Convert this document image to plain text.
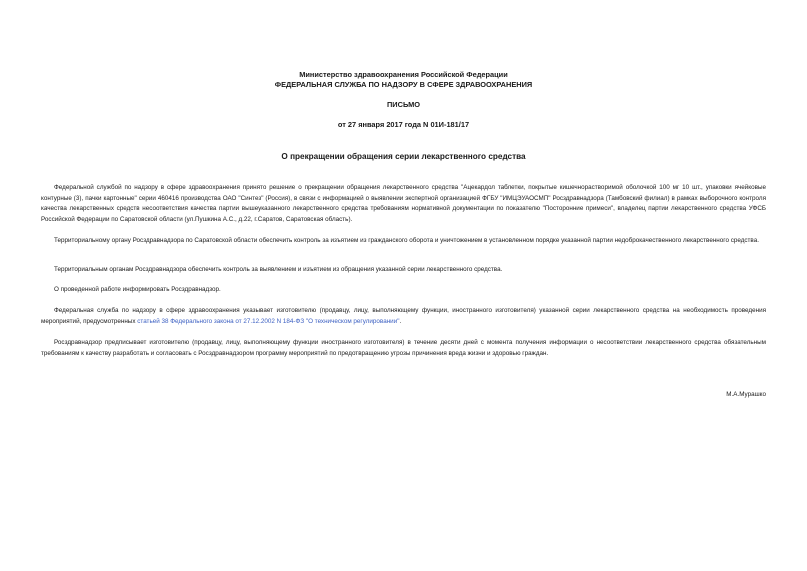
Министерство здравоохранения Российской Федерации
ФЕДЕРАЛЬНАЯ СЛУЖБА ПО НАДЗОРУ В СФЕРЕ ЗДРАВООХРАНЕНИЯ
ПИСЬМО
от 27 января 2017 года N 01И-181/17
О прекращении обращения серии лекарственного средства

Федеральной службой по надзору в сфере здравоохранения принято решение о прекращении обращения лекарственного средства "Ацекардол таблетки, покрытые кишечнорастворимой оболочкой 100 мг 10 шт., упаковки ячейковые контурные (3), пачки картонные" серии 460416 производства ОАО "Синтез" (Россия), в связи с информацией о выявлении экспертной организацией ФГБУ "ИМЦЭУАОСМП" Росздравнадзора (Тамбовский филиал) в рамках выборочного контроля качества лекарственных средств несоответствия качества партии вышеуказанного лекарственного средства требованиям нормативной документации по показателю "Посторонние примеси", владелец партии лекарственного средства УФСБ Российской Федерации по Саратовской области (ул.Пушкина А.С., д.22, г.Саратов, Саратовская область).

Территориальному органу Росздравнадзора по Саратовской области обеспечить контроль за изъятием из гражданского оборота и уничтожением в установленном порядке указанной партии недоброкачественного лекарственного средства.

Территориальным органам Росздравнадзора обеспечить контроль за выявлением и изъятием из обращения указанной серии лекарственного средства.

О проведенной работе информировать Росздравнадзор.

Федеральная служба по надзору в сфере здравоохранения указывает изготовителю (продавцу, лицу, выполняющему функции, иностранного изготовителя) указанной серии лекарственного средства на необходимость проведения мероприятий, предусмотренных статьей 38 Федерального закона от 27.12.2002 N 184-ФЗ "О техническом регулировании".

Росздравнадзор предписывает изготовителю (продавцу, лицу, выполняющему функции иностранного изготовителя) в течение десяти дней с момента получения информации о несоответствии лекарственного средства обязательным требованиям к качеству разработать и согласовать с Росздравнадзором программу мероприятий по предотвращению угрозы причинения вреда жизни и здоровью граждан.

М.А.Мурашко
